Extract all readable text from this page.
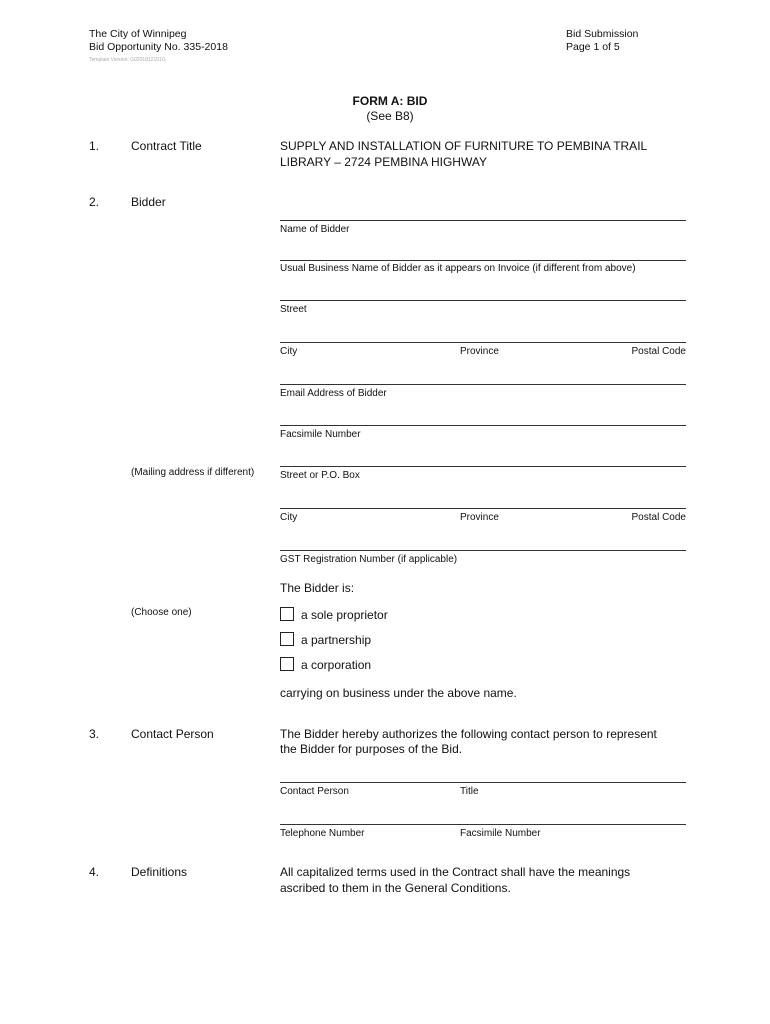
The City of Winnipeg
Bid Opportunity No. 335-2018
Template Version: G0201812101G
Bid Submission
Page 1 of 5
FORM A: BID
(See B8)
1.	Contract Title	SUPPLY AND INSTALLATION OF FURNITURE TO PEMBINA TRAIL
LIBRARY – 2724 PEMBINA HIGHWAY
2.	Bidder
Name of Bidder
Usual Business Name of Bidder as it appears on Invoice (if different from above)
Street
City	Province	Postal Code
Email Address of Bidder
Facsimile Number
(Mailing address if different)	Street or P.O. Box
City	Province	Postal Code
GST Registration Number (if applicable)
The Bidder is:
(Choose one)	a sole proprietor
a partnership
a corporation
carrying on business under the above name.
3.	Contact Person	The Bidder hereby authorizes the following contact person to represent
the Bidder for purposes of the Bid.
Contact Person	Title
Telephone Number	Facsimile Number
4.	Definitions	All capitalized terms used in the Contract shall have the meanings
ascribed to them in the General Conditions.
